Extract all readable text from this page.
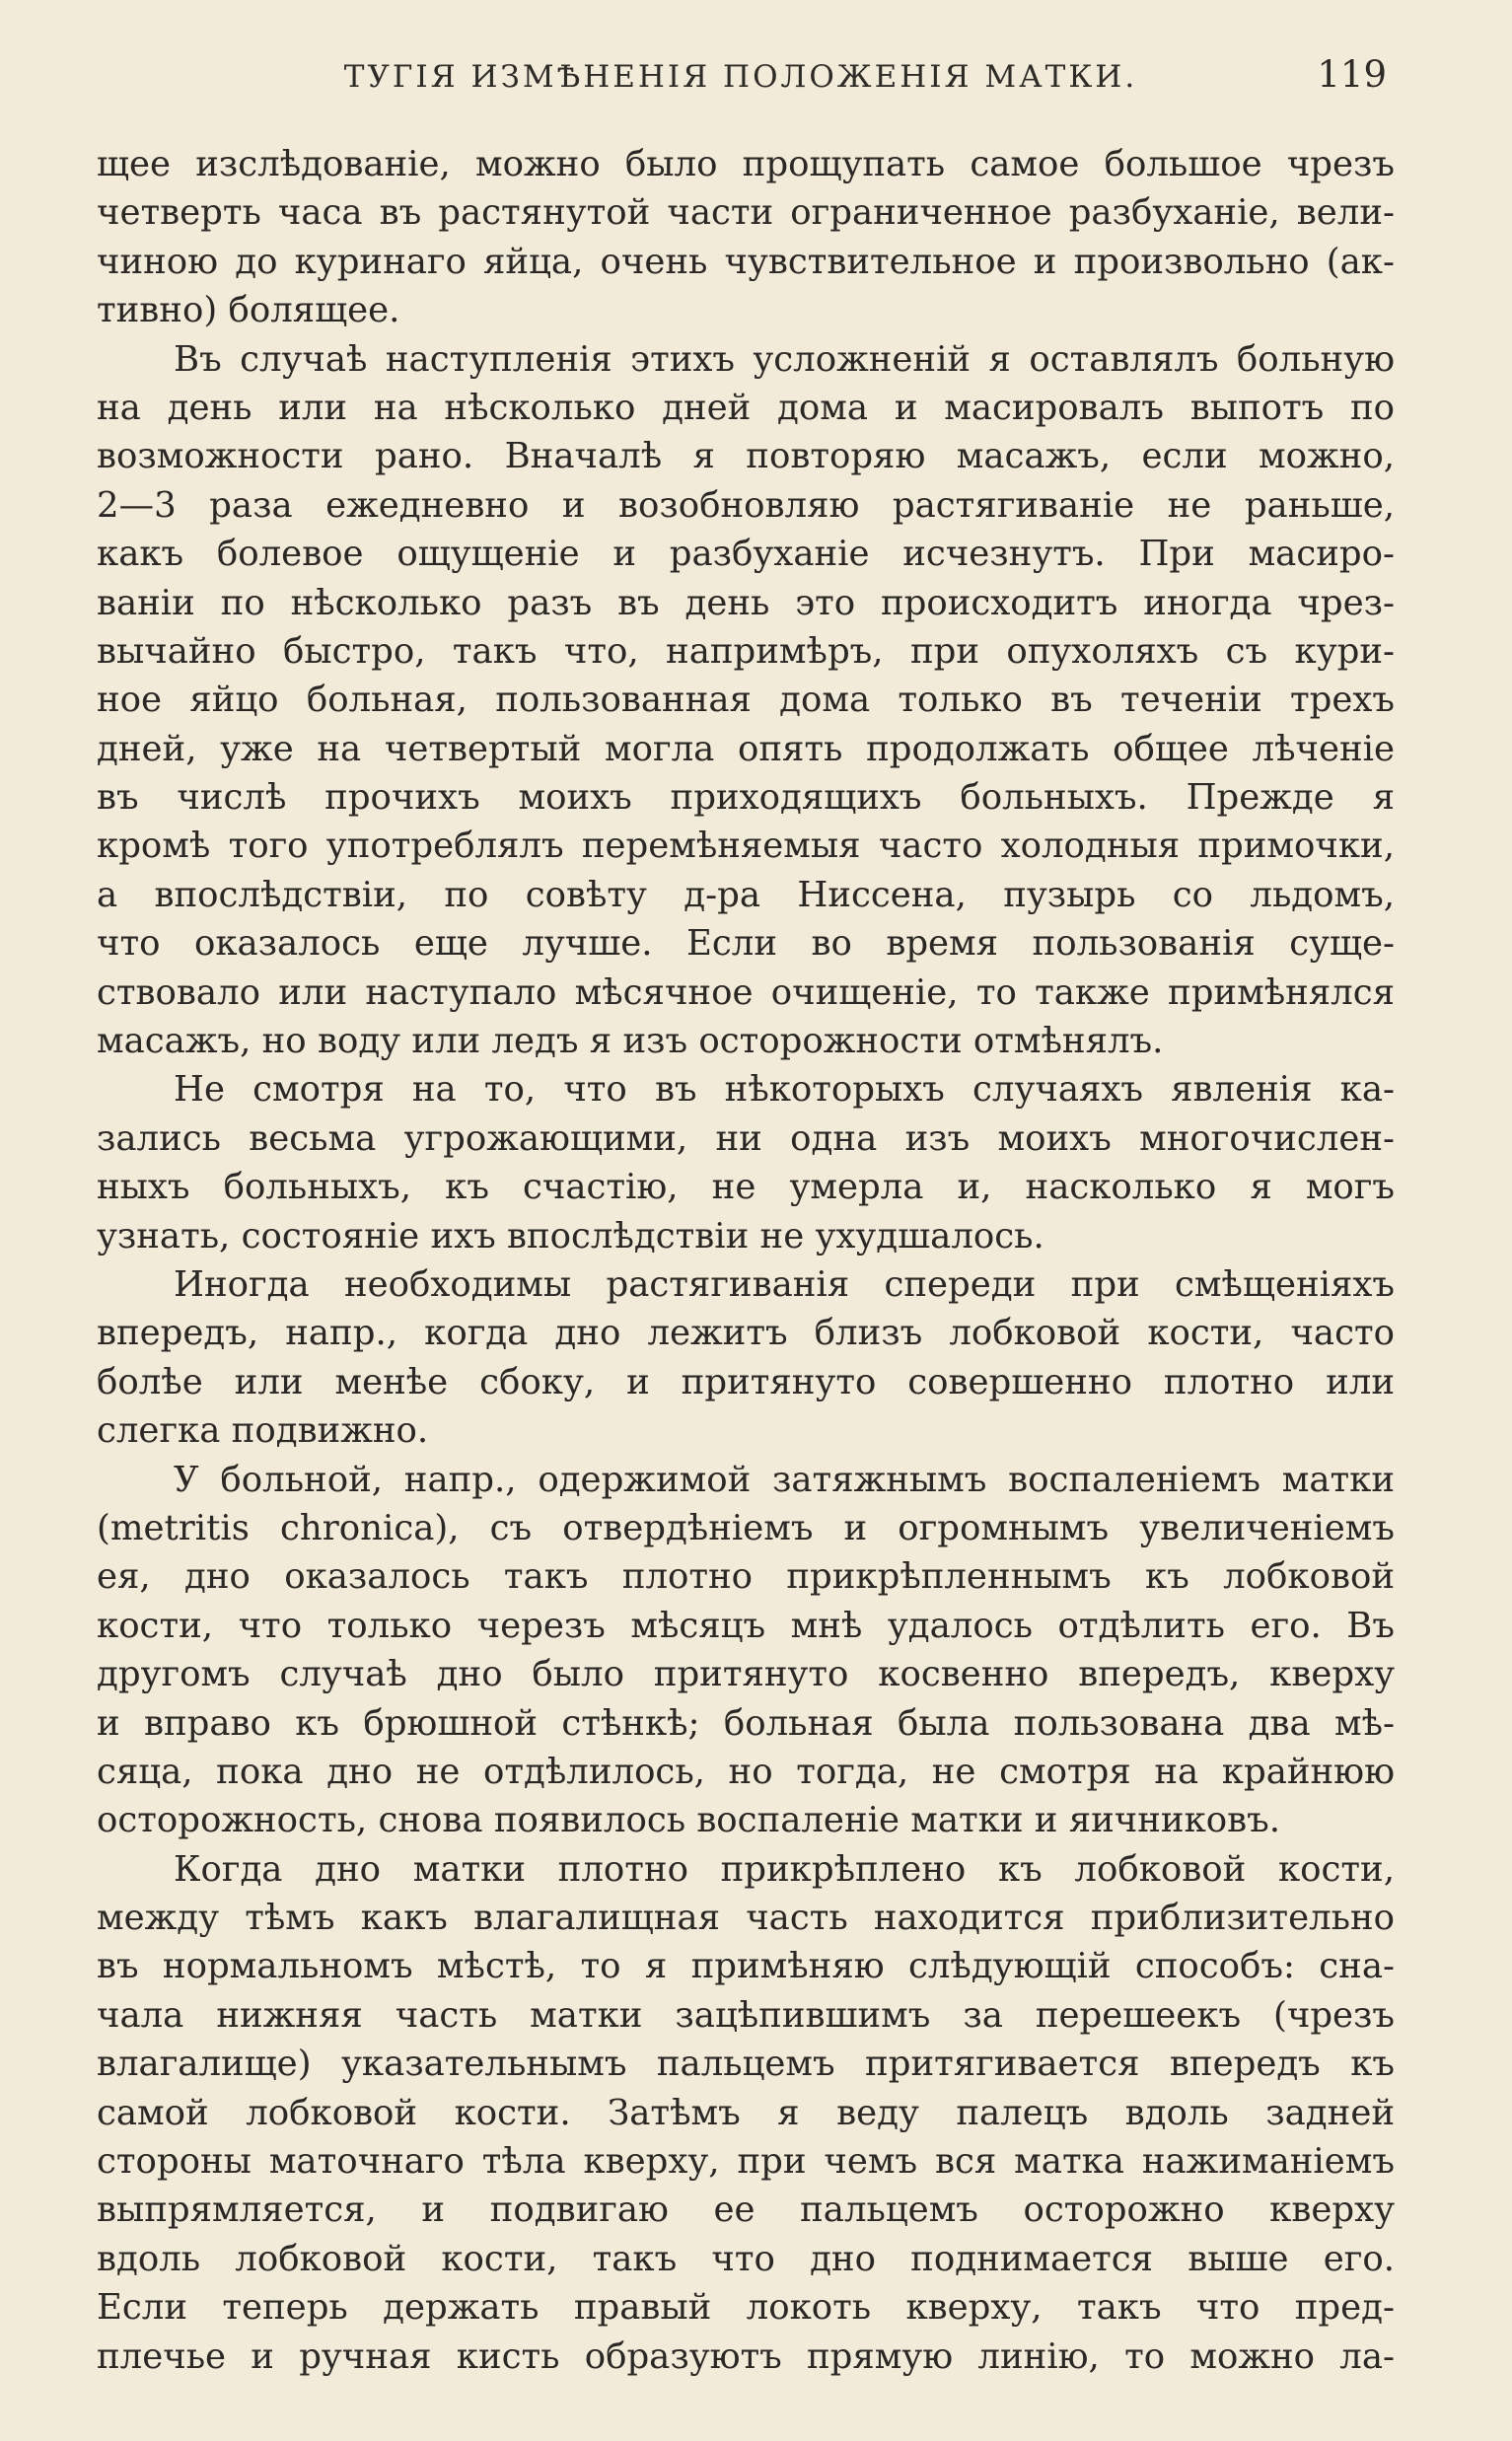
ТУГІЯ ИЗМѢНЕНІЯ ПОЛОЖЕНІЯ МАТКИ.	119
щее изслѣдованіе, можно было прощупать самое большое чрезъ
четверть часа въ растянутой части ограниченное разбуханіе, вели-
чиною до куринаго яйца, очень чувствительное и произвольно (ак-
тивно) болящее.
Въ случаѣ наступленія этихъ усложненій я оставлялъ больную
на день или на нѣсколько дней дома и масировалъ выпотъ по
возможности рано. Вначалѣ я повторяю масажъ, если можно,
2—3 раза ежедневно и возобновляю растягиваніе не раньше,
какъ болевое ощущеніе и разбуханіе исчезнутъ. При масиро-
ваніи по нѣсколько разъ въ день это происходитъ иногда чрез-
вычайно быстро, такъ что, напримѣръ, при опухоляхъ съ кури-
ное яйцо больная, пользованная дома только въ теченіи трехъ
дней, уже на четвертый могла опять продолжать общее лѣченіе
въ числѣ прочихъ моихъ приходящихъ больныхъ. Прежде я
кромѣ того употреблялъ перемѣняемыя часто холодныя примочки,
а впослѣдствіи, по совѣту д-ра Ниссена, пузырь со льдомъ,
что оказалось еще лучше. Если во время пользованія суще-
ствовало или наступало мѣсячное очищеніе, то также примѣнялся
масажъ, но воду или ледъ я изъ осторожности отмѣнялъ.
Не смотря на то, что въ нѣкоторыхъ случаяхъ явленія ка-
зались весьма угрожающими, ни одна изъ моихъ многочислен-
ныхъ больныхъ, къ счастію, не умерла и, насколько я могъ
узнать, состояніе ихъ впослѣдствіи не ухудшалось.
Иногда необходимы растягиванія спереди при смѣщеніяхъ
впередъ, напр., когда дно лежитъ близъ лобковой кости, часто
болѣе или менѣе сбоку, и притянуто совершенно плотно или
слегка подвижно.
У больной, напр., одержимой затяжнымъ воспаленіемъ матки
(metritis chronica), съ отвердѣніемъ и огромнымъ увеличеніемъ
ея, дно оказалось такъ плотно прикрѣпленнымъ къ лобковой
кости, что только черезъ мѣсяцъ мнѣ удалось отдѣлить его. Въ
другомъ случаѣ дно было притянуто косвенно впередъ, кверху
и вправо къ брюшной стѣнкѣ; больная была пользована два мѣ-
сяца, пока дно не отдѣлилось, но тогда, не смотря на крайнюю
осторожность, снова появилось воспаленіе матки и яичниковъ.
Когда дно матки плотно прикрѣплено къ лобковой кости,
между тѣмъ какъ влагалищная часть находится приблизительно
въ нормальномъ мѣстѣ, то я примѣняю слѣдующій способъ: сна-
чала нижняя часть матки зацѣпившимъ за перешеекъ (чрезъ
влагалище) указательнымъ пальцемъ притягивается впередъ къ
самой лобковой кости. Затѣмъ я веду палецъ вдоль задней
стороны маточнаго тѣла кверху, при чемъ вся матка нажиманіемъ
выпрямляется, и подвигаю ее пальцемъ осторожно кверху
вдоль лобковой кости, такъ что дно поднимается выше его.
Если теперь держать правый локоть кверху, такъ что пред-
плечье и ручная кисть образуютъ прямую линію, то можно ла-
